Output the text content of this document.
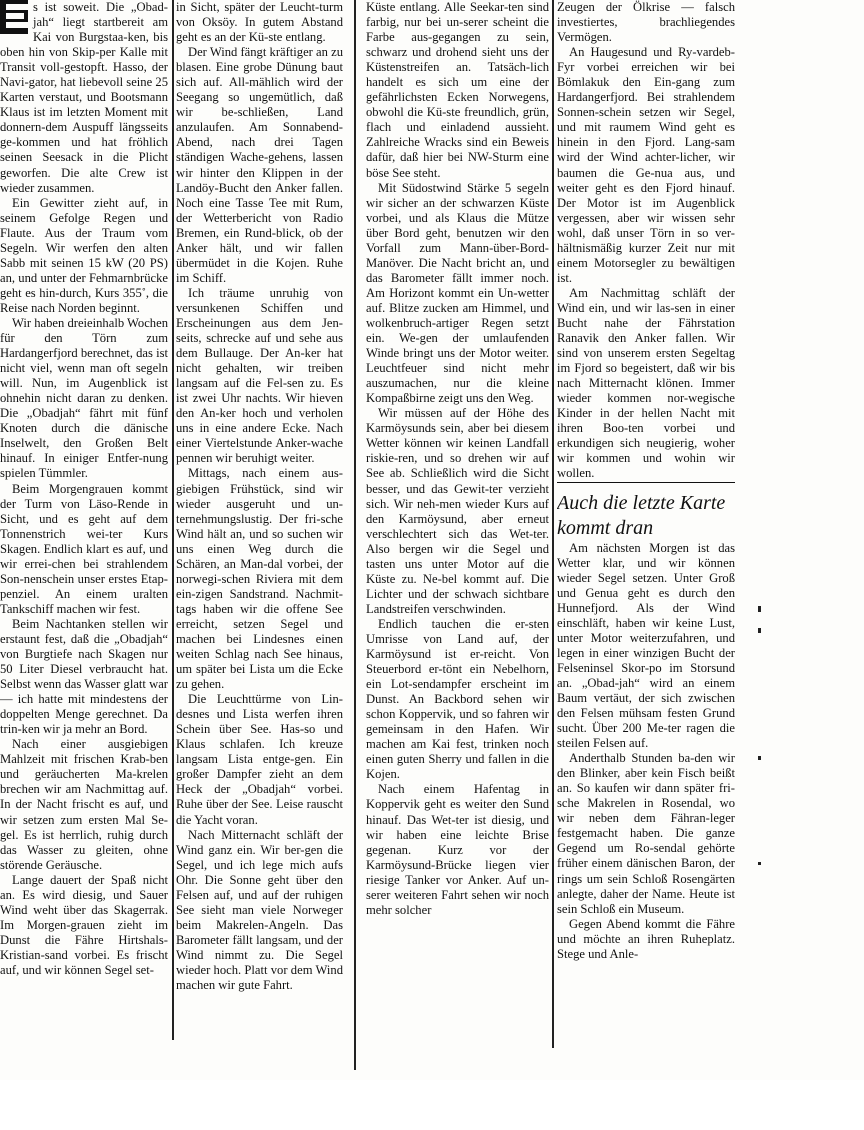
s ist soweit. Die „Obad-jah“ liegt startbereit am Kai von Burgstaa-ken, bis oben hin von Skip-per Kalle mit Transit voll-gestopft. Hasso, der Navi-gator, hat liebevoll seine 25 Karten verstaut, und Bootsmann Klaus ist im letzten Moment mit donnern-dem Auspuff längsseits ge-kommen und hat fröhlich seinen Seesack in die Plicht geworfen. Die alte Crew ist wieder zusammen.

Ein Gewitter zieht auf, in seinem Gefolge Regen und Flaute. Aus der Traum vom Segeln. Wir werfen den alten Sabb mit seinen 15 kW (20 PS) an, und unter der Fehmarnbrücke geht es hin-durch, Kurs 355˚, die Reise nach Norden beginnt.

Wir haben dreieinhalb Wochen für den Törn zum Hardangerfjord berechnet, das ist nicht viel, wenn man oft segeln will. Nun, im Augenblick ist ohnehin nicht daran zu denken. Die „Obadjah“ fährt mit fünf Knoten durch die dänische Inselwelt, den Großen Belt hinauf. In einiger Entfer-nung spielen Tümmler.

Beim Morgengrauen kommt der Turm von Läso-Rende in Sicht, und es geht auf dem Tonnenstrich wei-ter Kurs Skagen. Endlich klart es auf, und wir errei-chen bei strahlendem Son-nenschein unser erstes Etap-penziel. An einem uralten Tankschiff machen wir fest.

Beim Nachtanken stellen wir erstaunt fest, daß die „Obadjah“ von Burgtiefe nach Skagen nur 50 Liter Diesel verbraucht hat. Selbst wenn das Wasser glatt war — ich hatte mit mindestens der doppelten Menge gerechnet. Da trin-ken wir ja mehr an Bord.

Nach einer ausgiebigen Mahlzeit mit frischen Krab-ben und geräucherten Ma-krelen brechen wir am Nachmittag auf. In der Nacht frischt es auf, und wir setzen zum ersten Mal Se-gel. Es ist herrlich, ruhig durch das Wasser zu gleiten, ohne störende Geräusche.

Lange dauert der Spaß nicht an. Es wird diesig, und Sauer Wind weht über das Skagerrak. Im Morgen-grauen zieht im Dunst die Fähre Hirtshals-Kristian-sand vorbei. Es frischt auf, und wir können Segel set-

in Sicht, später der Leucht-turm von Oksöy. In gutem Abstand geht es an der Kü-ste entlang.

Der Wind fängt kräftiger an zu blasen. Eine grobe Dünung baut sich auf. All-mählich wird der Seegang so ungemütlich, daß wir be-schließen, Land anzulaufen. Am Sonnabend-Abend, nach drei Tagen ständigen Wache-gehens, lassen wir hinter den Klippen in der Landöy-Bucht den Anker fallen. Noch eine Tasse Tee mit Rum, der Wetterbericht von Radio Bremen, ein Rund-blick, ob der Anker hält, und wir fallen übermüdet in die Kojen. Ruhe im Schiff.

Ich träume unruhig von versunkenen Schiffen und Erscheinungen aus dem Jen-seits, schrecke auf und sehe aus dem Bullauge. Der An-ker hat nicht gehalten, wir treiben langsam auf die Fel-sen zu. Es ist zwei Uhr nachts. Wir hieven den An-ker hoch und verholen uns in eine andere Ecke. Nach einer Viertelstunde Anker-wache pennen wir beruhigt weiter.

Mittags, nach einem aus-giebigen Frühstück, sind wir wieder ausgeruht und un-ternehmungslustig. Der fri-sche Wind hält an, und so suchen wir uns einen Weg durch die Schären, an Man-dal vorbei, der norwegi-schen Riviera mit dem ein-zigen Sandstrand. Nachmit-tags haben wir die offene See erreicht, setzen Segel und machen bei Lindesnes einen weiten Schlag nach See hinaus, um später bei Lista um die Ecke zu gehen.

Die Leuchttürme von Lin-desnes und Lista werfen ihren Schein über See. Has-so und Klaus schlafen. Ich kreuze langsam Lista entge-gen. Ein großer Dampfer zieht an dem Heck der „Obadjah“ vorbei. Ruhe über der See. Leise rauscht die Yacht voran.

Nach Mitternacht schläft der Wind ganz ein. Wir ber-gen die Segel, und ich lege mich aufs Ohr. Die Sonne geht über den Felsen auf, und auf der ruhigen See sieht man viele Norweger beim Makrelen-Angeln. Das Barometer fällt langsam, und der Wind nimmt zu. Die Segel wieder hoch. Platt vor dem Wind machen wir gute Fahrt.

Küste entlang. Alle Seekar-ten sind farbig, nur bei un-serer scheint die Farbe aus-gegangen zu sein, schwarz und drohend sieht uns der Küstenstreifen an. Tatsäch-lich handelt es sich um eine der gefährlichsten Ecken Norwegens, obwohl die Kü-ste freundlich, grün, flach und einladend aussieht. Zahlreiche Wracks sind ein Beweis dafür, daß hier bei NW-Sturm eine böse See steht.

Mit Südostwind Stärke 5 segeln wir sicher an der schwarzen Küste vorbei, und als Klaus die Mütze über Bord geht, benutzen wir den Vorfall zum Mann-über-Bord-Manöver. Die Nacht bricht an, und das Barometer fällt immer noch. Am Horizont kommt ein Un-wetter auf. Blitze zucken am Himmel, und wolkenbruch-artiger Regen setzt ein. We-gen der umlaufenden Winde bringt uns der Motor weiter. Leuchtfeuer sind nicht mehr auszumachen, nur die kleine Kompaßbirne zeigt uns den Weg.

Wir müssen auf der Höhe des Karmöysunds sein, aber bei diesem Wetter können wir keinen Landfall riskie-ren, und so drehen wir auf See ab. Schließlich wird die Sicht besser, und das Gewit-ter verzieht sich. Wir neh-men wieder Kurs auf den Karmöysund, aber erneut verschlechtert sich das Wet-ter. Also bergen wir die Segel und tasten uns unter Motor auf die Küste zu. Ne-bel kommt auf. Die Lichter und der schwach sichtbare Landstreifen verschwinden.

Endlich tauchen die er-sten Umrisse von Land auf, der Karmöysund ist er-reicht. Von Steuerbord er-tönt ein Nebelhorn, ein Lot-sendampfer erscheint im Dunst. An Backbord sehen wir schon Koppervik, und so fahren wir gemeinsam in den Hafen. Wir machen am Kai fest, trinken noch einen guten Sherry und fallen in die Kojen.

Nach einem Hafentag in Koppervik geht es weiter den Sund hinauf. Das Wet-ter ist diesig, und wir haben eine leichte Brise gegenan. Kurz vor der Karmöysund-Brücke liegen vier riesige Tanker vor Anker. Auf un-serer weiteren Fahrt sehen wir noch mehr solcher

Zeugen der Ölkrise — falsch investiertes, brachliegendes Vermögen.

An Haugesund und Ry-vardeb-Fyr vorbei erreichen wir bei Bömlakuk den Ein-gang zum Hardangerfjord. Bei strahlendem Sonnen-schein setzen wir Segel, und mit raumem Wind geht es hinein in den Fjord. Lang-sam wird der Wind achter-licher, wir baumen die Ge-nua aus, und weiter geht es den Fjord hinauf. Der Motor ist im Augenblick vergessen, aber wir wissen sehr wohl, daß unser Törn in so ver-hältnismäßig kurzer Zeit nur mit einem Motorsegler zu bewältigen ist.

Am Nachmittag schläft der Wind ein, und wir las-sen in einer Bucht nahe der Fährstation Ranavik den Anker fallen. Wir sind von unserem ersten Segeltag im Fjord so begeistert, daß wir bis nach Mitternacht klönen. Immer wieder kommen nor-wegische Kinder in der hellen Nacht mit ihren Boo-ten vorbei und erkundigen sich neugierig, woher wir kommen und wohin wir wollen.

Auch die letzte Karte kommt dran

Am nächsten Morgen ist das Wetter klar, und wir können wieder Segel setzen. Unter Groß und Genua geht es durch den Hunnefjord. Als der Wind einschläft, haben wir keine Lust, unter Motor weiterzufahren, und legen in einer winzigen Bucht der Felseninsel Skor-po im Storsund an. „Obad-jah“ wird an einem Baum vertäut, der sich zwischen den Felsen mühsam festen Grund sucht. Über 200 Me-ter ragen die steilen Felsen auf.

Anderthalb Stunden ba-den wir den Blinker, aber kein Fisch beißt an. So kaufen wir dann später fri-sche Makrelen in Rosendal, wo wir neben dem Fähran-leger festgemacht haben. Die ganze Gegend um Ro-sendal gehörte früher einem dänischen Baron, der rings um sein Schloß Rosengärten anlegte, daher der Name. Heute ist sein Schloß ein Museum.

Gegen Abend kommt die Fähre und möchte an ihren Ruheplatz. Stege und Anle-
